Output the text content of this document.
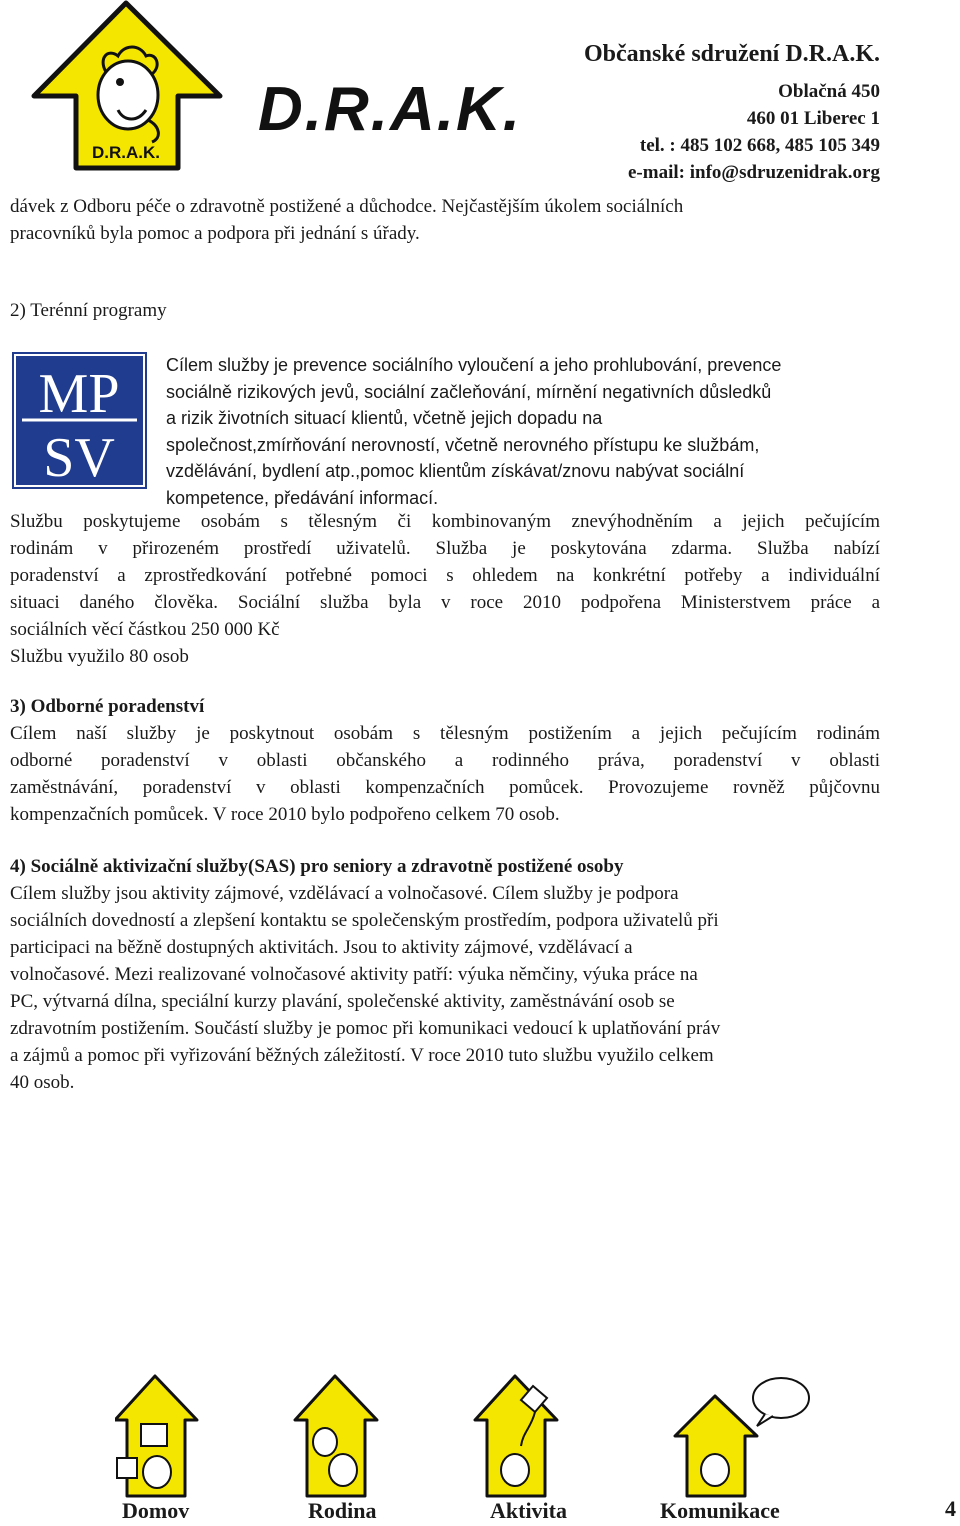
D.R.A.K.
D.R.A.K.
Občanské sdružení D.R.A.K.
Oblačná 450
460 01 Liberec 1
tel. : 485 102 668, 485 105 349
e-mail: info@sdruzenidrak.org
dávek z Odboru péče o zdravotně postižené a důchodce. Nejčastějším úkolem sociálních
pracovníků byla pomoc a podpora při jednání s úřady.
2) Terénní programy
MP
SV
Cílem služby je prevence sociálního vyloučení a jeho prohlubování, prevence
sociálně rizikových jevů, sociální začleňování, mírnění negativních důsledků
a rizik životních situací klientů, včetně jejich dopadu na
společnost,zmírňování nerovností, včetně nerovného přístupu ke službám,
vzdělávání, bydlení atp.,pomoc klientům získávat/znovu nabývat sociální
kompetence, předávání informací.
Službu poskytujeme osobám s tělesným či kombinovaným znevýhodněním a jejich pečujícím
rodinám v přirozeném prostředí uživatelů. Služba je poskytována zdarma. Služba nabízí
poradenství a zprostředkování potřebné pomoci s ohledem na konkrétní potřeby a individuální
situaci daného člověka. Sociální služba byla v roce 2010 podpořena Ministerstvem práce a
sociálních věcí částkou 250 000 Kč
Službu využilo 80 osob
3) Odborné poradenství
Cílem naší služby je poskytnout osobám s tělesným postižením a jejich pečujícím rodinám
odborné poradenství v oblasti občanského a rodinného práva, poradenství v oblasti
zaměstnávání, poradenství v oblasti kompenzačních pomůcek. Provozujeme rovněž půjčovnu
kompenzačních pomůcek. V roce 2010 bylo podpořeno celkem 70 osob.
4) Sociálně aktivizační služby(SAS) pro seniory a zdravotně postižené osoby
Cílem služby jsou aktivity zájmové, vzdělávací a volnočasové. Cílem služby je podpora
sociálních dovedností a zlepšení kontaktu se společenským prostředím, podpora uživatelů při
participaci na běžně dostupných aktivitách. Jsou to aktivity zájmové, vzdělávací a
volnočasové. Mezi realizované volnočasové aktivity patří: výuka němčiny, výuka práce na
PC, výtvarná dílna, speciální kurzy plavání, společenské aktivity, zaměstnávání osob se
zdravotním postižením. Součástí služby je pomoc při komunikaci vedoucí k uplatňování práv
a zájmů a pomoc při vyřizování běžných záležitostí. V roce 2010 tuto službu využilo celkem
40 osob.
Domov	Rodina	Aktivita	Komunikace	4
